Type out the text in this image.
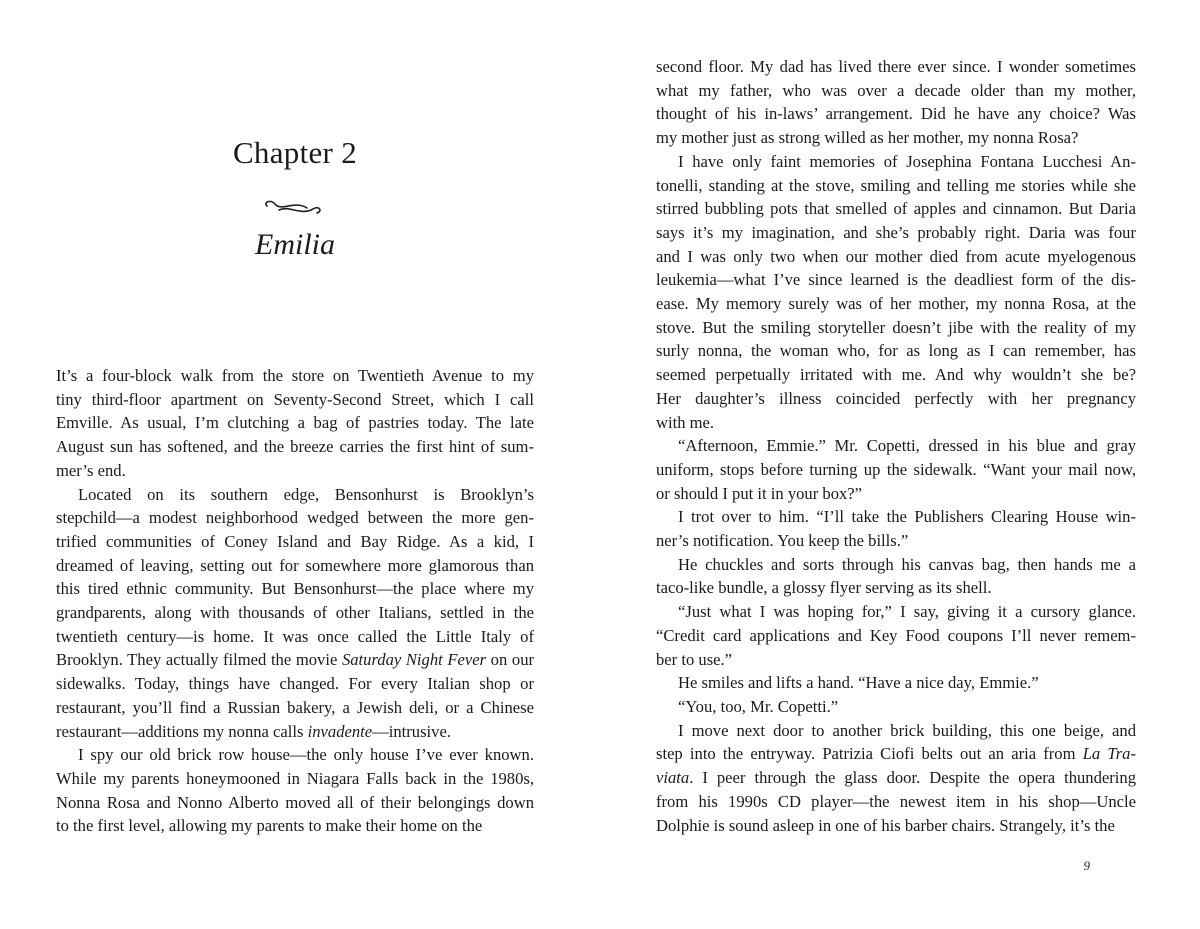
Chapter 2
Emilia

It’s a four-block walk from the store on Twentieth Avenue to my

tiny third-floor apartment on Seventy-Second Street, which I call

Emville. As usual, I’m clutching a bag of pastries today. The late

August sun has softened, and the breeze carries the first hint of sum-

mer’s end.

Located on its southern edge, Bensonhurst is Brooklyn’s

stepchild—a modest neighborhood wedged between the more gen-

trified communities of Coney Island and Bay Ridge. As a kid, I

dreamed of leaving, setting out for somewhere more glamorous than

this tired ethnic community. But Bensonhurst—the place where my

grandparents, along with thousands of other Italians, settled in the

twentieth century—is home. It was once called the Little Italy of

Brooklyn. They actually filmed the movie Saturday Night Fever on our

sidewalks. Today, things have changed. For every Italian shop or

restaurant, you’ll find a Russian bakery, a Jewish deli, or a Chinese

restaurant—additions my nonna calls invadente—intrusive.

I spy our old brick row house—the only house I’ve ever known.

While my parents honeymooned in Niagara Falls back in the 1980s,

Nonna Rosa and Nonno Alberto moved all of their belongings down

to the first level, allowing my parents to make their home on the

second floor. My dad has lived there ever since. I wonder sometimes

what my father, who was over a decade older than my mother,

thought of his in-laws’ arrangement. Did he have any choice? Was

my mother just as strong willed as her mother, my nonna Rosa?

I have only faint memories of Josephina Fontana Lucchesi An-

tonelli, standing at the stove, smiling and telling me stories while she

stirred bubbling pots that smelled of apples and cinnamon. But Daria

says it’s my imagination, and she’s probably right. Daria was four

and I was only two when our mother died from acute myelogenous

leukemia—what I’ve since learned is the deadliest form of the dis-

ease. My memory surely was of her mother, my nonna Rosa, at the

stove. But the smiling storyteller doesn’t jibe with the reality of my

surly nonna, the woman who, for as long as I can remember, has

seemed perpetually irritated with me. And why wouldn’t she be?

Her daughter’s illness coincided perfectly with her pregnancy

with me.

“Afternoon, Emmie.” Mr. Copetti, dressed in his blue and gray

uniform, stops before turning up the sidewalk. “Want your mail now,

or should I put it in your box?”

I trot over to him. “I’ll take the Publishers Clearing House win-

ner’s notification. You keep the bills.”

He chuckles and sorts through his canvas bag, then hands me a

taco-like bundle, a glossy flyer serving as its shell.

“Just what I was hoping for,” I say, giving it a cursory glance.

“Credit card applications and Key Food coupons I’ll never remem-

ber to use.”

He smiles and lifts a hand. “Have a nice day, Emmie.”

“You, too, Mr. Copetti.”

I move next door to another brick building, this one beige, and

step into the entryway. Patrizia Ciofi belts out an aria from La Tra-

viata. I peer through the glass door. Despite the opera thundering

from his 1990s CD player—the newest item in his shop—Uncle

Dolphie is sound asleep in one of his barber chairs. Strangely, it’s the

9
